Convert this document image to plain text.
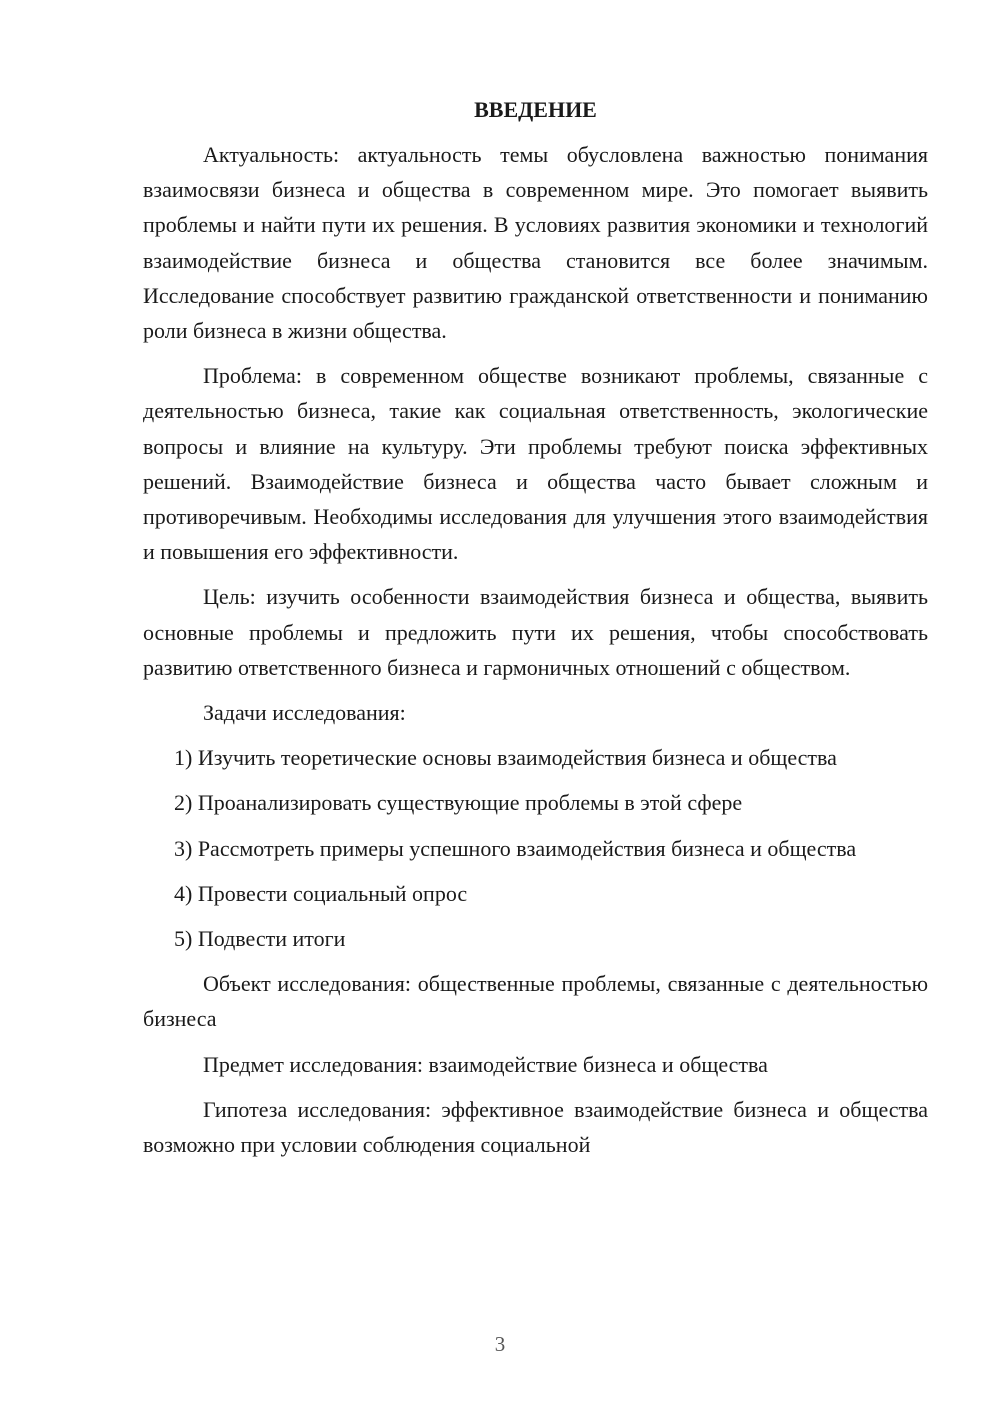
ВВЕДЕНИЕ

Актуальность: актуальность темы обусловлена важностью понимания взаимосвязи бизнеса и общества в современном мире. Это помогает выявить проблемы и найти пути их решения. В условиях развития экономики и технологий взаимодействие бизнеса и общества становится все более значимым. Исследование способствует развитию гражданской ответственности и пониманию роли бизнеса в жизни общества.

Проблема: в современном обществе возникают проблемы, связанные с деятельностью бизнеса, такие как социальная ответственность, экологические вопросы и влияние на культуру. Эти проблемы требуют поиска эффективных решений. Взаимодействие бизнеса и общества часто бывает сложным и противоречивым. Необходимы исследования для улучшения этого взаимодействия и повышения его эффективности.

Цель: изучить особенности взаимодействия бизнеса и общества, выявить основные проблемы и предложить пути их решения, чтобы способствовать развитию ответственного бизнеса и гармоничных отношений с обществом.

Задачи исследования:

1) Изучить теоретические основы взаимодействия бизнеса и общества

2) Проанализировать существующие проблемы в этой сфере

3) Рассмотреть примеры успешного взаимодействия бизнеса и общества

4) Провести социальный опрос

5) Подвести итоги

Объект исследования: общественные проблемы, связанные с деятельностью бизнеса

Предмет исследования: взаимодействие бизнеса и общества

Гипотеза исследования: эффективное взаимодействие бизнеса и общества возможно при условии соблюдения социальной

3
